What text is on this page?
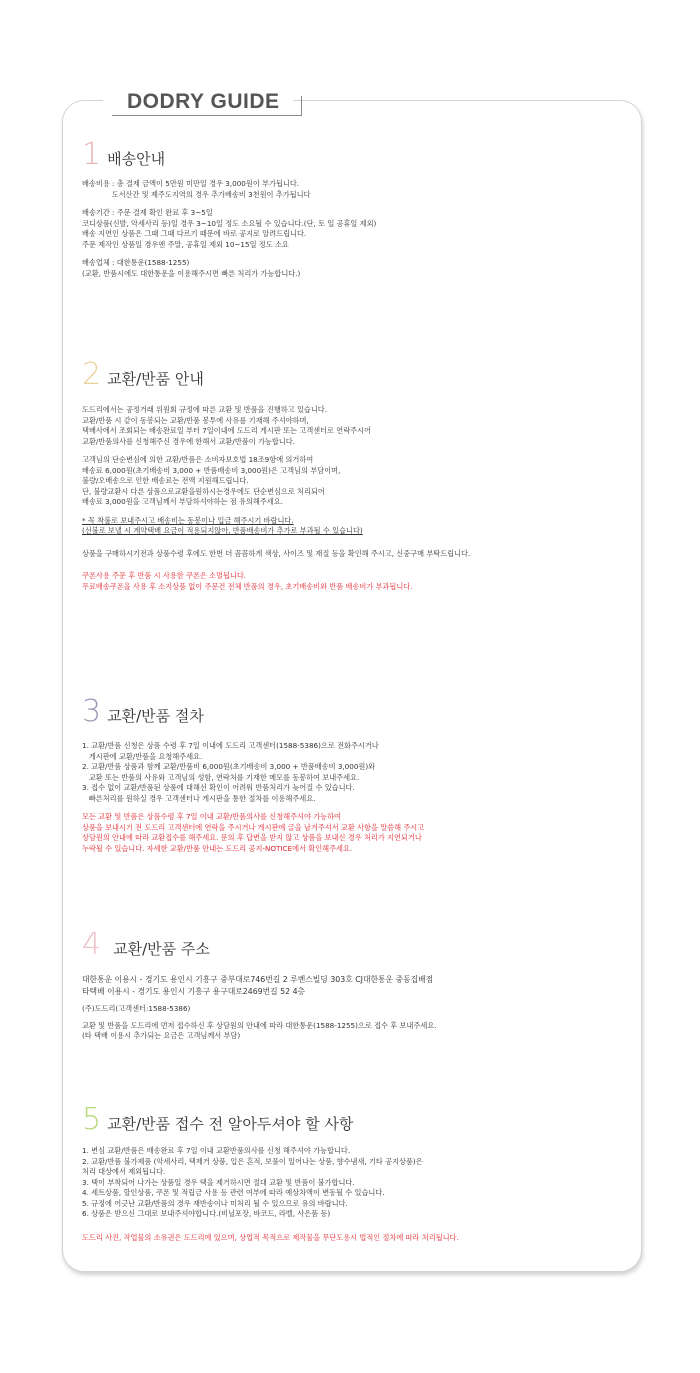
DODRY GUIDE
1 배송안내

배송비용 : 총 결제 금액이 5만원 미만일 경우 3,000원이 부가됩니다.

도서산간 및 제주도지역의 경우 추가배송비 3천원이 추가됩니다

배송기간 : 주문 결제 확인 완료 후 3~5일

코디상품(신발, 악세사리 등)일 경우 3~10일 정도 소요될 수 있습니다.(단, 토 일 공휴일 제외)

배송 지연인 상품은 그때 그때 다르기 때문에 바로 공지로 알려드립니다.

주문 제작인 상품일 경우엔 주말, 공휴일 제외 10~15일 정도 소요

배송업체 : 대한통운(1588-1255)

(교환, 반품시에도 대한통운을 이용해주시면 빠른 처리가 가능합니다.)

2 교환/반품 안내

도드리에서는 공정거래 위원회 규정에 따른 교환 및 반품을 진행하고 있습니다.

교환/반품 시 같이 동봉되는 교환/반품 봉투에 사유를 기재해 주셔야하며,

택배사에서 조회되는 배송완료일 부터 7일이내에 도드리 게시판 또는 고객센터로 연락주시어

교환/반품의사를 신청해주신 경우에 한해서 교환/반품이 가능합니다.

고객님의 단순변심에 의한 교환/반품은 소비자보호법 18조9항에 의거하여

배송료 6,000원(초기배송비 3,000 + 반품배송비 3,000원)은 고객님의 부담이며,

불량/오배송으로 인한 배송료는 전액 지원해드립니다.

단, 불량교환시 다른 상품으로교환을원하시는경우에도 단순변심으로 처리되어

배송료 3,000원을 고객님께서 부담하셔야하는 점 유의해주세요.

* 꼭 착불로 보내주시고 배송비는 동봉이나 입금 해주시기 바랍니다.

(선불로 보낼 시 계약택배 요금이 적용되지않아, 반품배송비가 추가로 부과될 수 있습니다)

상품을 구매하시기전과 상품수령 후에도 한번 더 꼼꼼하게 색상, 사이즈 및 재질 등을 확인해 주시고, 신중구매 부탁드립니다.

쿠폰사용 주문 후 반품 시 사용한 쿠폰은 소멸됩니다.

무료배송쿠폰을 사용 후 소지상품 없이 주문건 전체 반품의 경우, 초기배송비와 반품 배송비가 부과됩니다.

3 교환/반품 절차

1. 교환/반품 신청은 상품 수령 후 7일 이내에 도드리 고객센터(1588-5386)으로 전화주시거나

게시판에 교환/반품을 요청해주세요.

2. 교환/반품 상품과 함께 교환/반품비 6,000원(초기배송비 3,000 + 반품배송비 3,000원)와

교환 또는 반품의 사유와 고객님의 성함, 연락처를 기재한 메모를 동봉하여 보내주세요.

3. 접수 없이 교환/반품된 상품에 대해선 확인이 어려워 반품처리가 늦어질 수 있습니다.

빠른처리를 원하실 경우 고객센터나 게시판을 통한 절차를 이용해주세요.

모든 교환 및 반품은 상품수령 후 7일 이내 교환/반품의사를 신청해주셔야 가능하여

상품을 보내시기 전 도드리 고객센터에 연락을 주시거나 게시판에 글을 남겨주셔서 교환 사항을 말씀해 주시고

상담원의 안내에 따라 교환접수를 해주세요. 문의 후 답변을 받지 않고 상품을 보내신 경우 처리가 지연되거나

누락될 수 있습니다. 자세한 교환/반품 안내는 도드리 공지-NOTICE에서 확인해주세요.

4 교환/반품 주소

대한통운 이용시 - 경기도 용인시 기흥구 중부대로746번길 2 루벤스빌딩 303호 CJ대한통운 중동집배점

타택배 이용시 - 경기도 용인시 기흥구 용구대로2469번길 52 4층

(주)도드리(고객센터:1588-5386)

교환 및 반품을 도드리에 먼저 접수하신 후 상담원의 안내에 따라 대한통운(1588-1255)으로 접수 후 보내주세요.

(타 택배 이용시 추가되는 요금은 고객님께서 부담)

5 교환/반품 접수 전 알아두셔야 할 사항

1. 변심 교환/반품은 배송완료 후 7일 이내 교환반품의사를 신청 해주셔야 가능합니다.

2. 교환/반품 불가제품 (악세사리, 택제거 상품, 입은 흔적, 보풀이 일어나는 상품, 향수냄새, 기타 공지상품)은

처리 대상에서 제외됩니다.

3. 택이 부착되어 나가는 상품일 경우 택을 제거하시면 절대 교환 및 반품이 불가합니다.

4. 세트상품, 할인상품, 쿠폰 및 적립금 사용 등 관련 여부에 따라 예상차액이 변동될 수 있습니다.

5. 규정에 어긋난 교환/반품의 경우 재반송이나 미처리 될 수 있으므로 유의 바랍니다.

6. 상품은 받으신 그대로 보내주셔야합니다.(비닐포장, 바코드, 라벨, 사은품 등)

도드리 사진, 작업물의 소유권은 도드리에 있으며, 상업적 목적으로 제작물을 무단도용시 법적인 절차에 따라 처리됩니다.
